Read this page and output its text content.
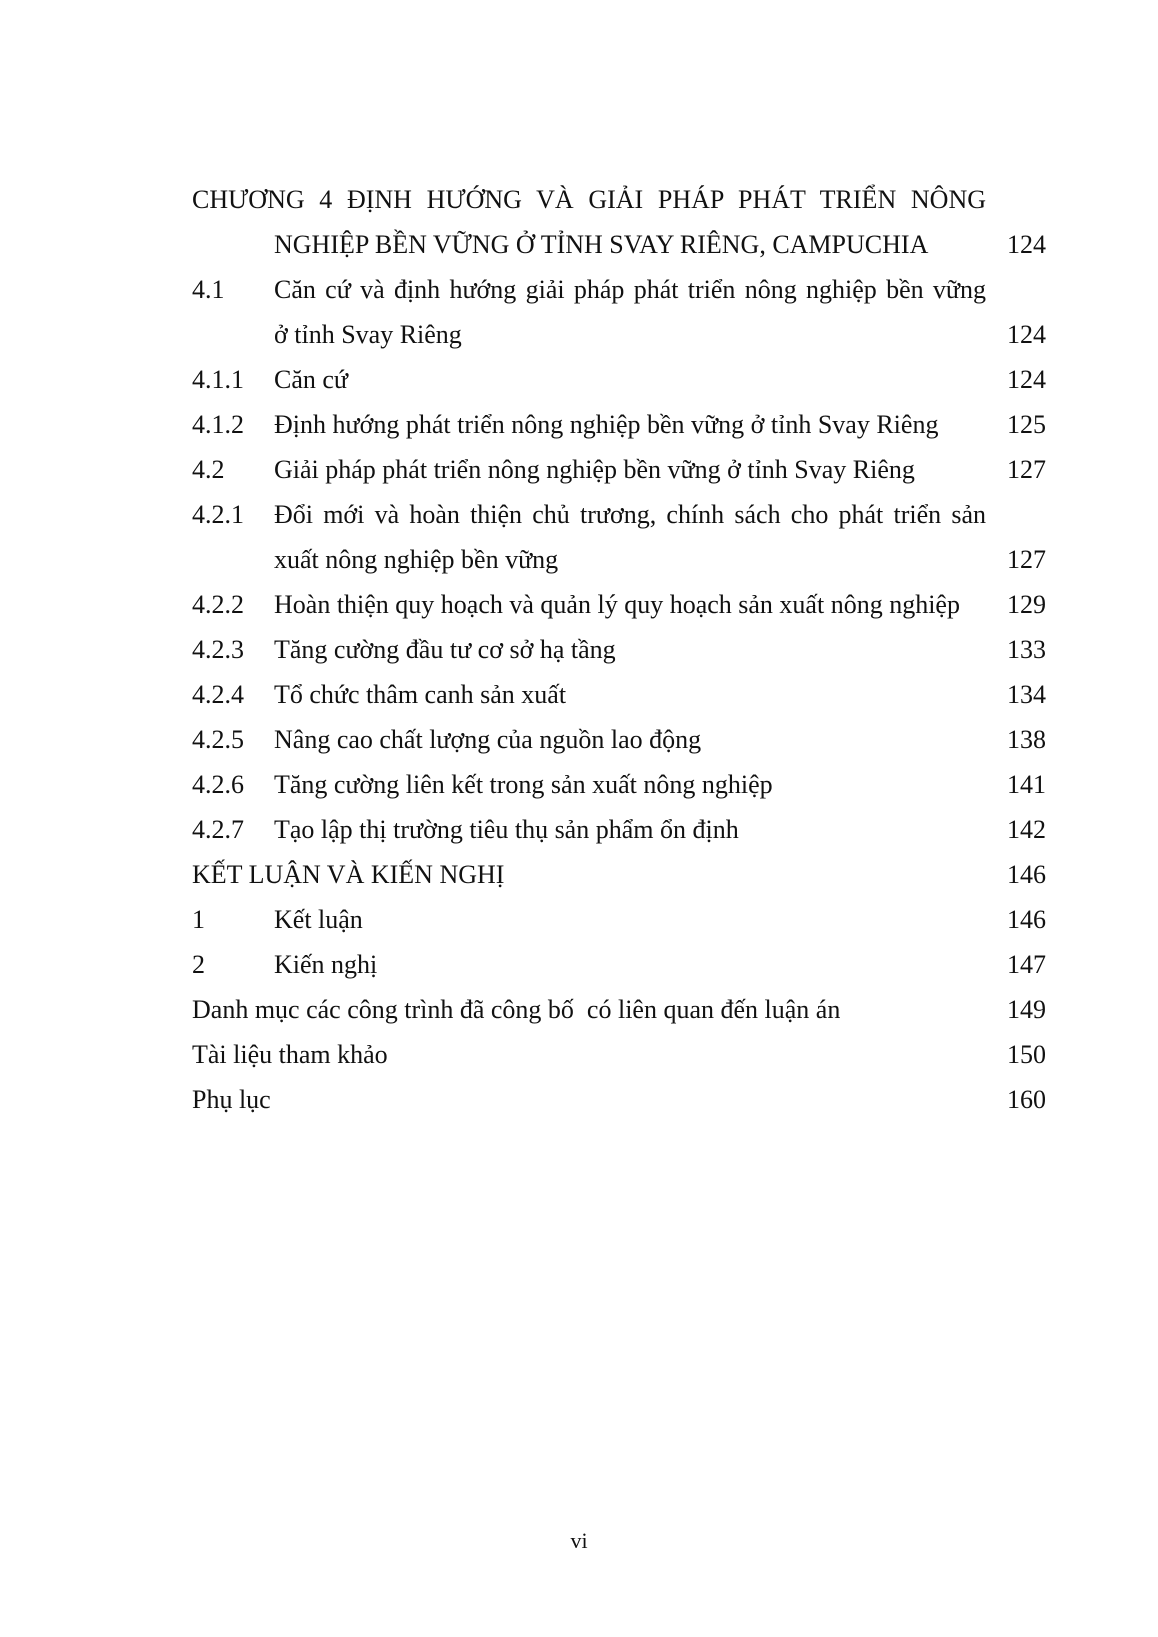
CHƯƠNG 4 ĐỊNH HƯỚNG VÀ GIẢI PHÁP PHÁT TRIỂN NÔNG
NGHIỆP BỀN VỮNG Ở TỈNH SVAY RIÊNG, CAMPUCHIA	124
4.1 Căn cứ và định hướng giải pháp phát triển nông nghiệp bền vững
ở tỉnh Svay Riêng	124
4.1.1 Căn cứ	124
4.1.2 Định hướng phát triển nông nghiệp bền vững ở tỉnh Svay Riêng	125
4.2 Giải pháp phát triển nông nghiệp bền vững ở tỉnh Svay Riêng	127
4.2.1 Đổi mới và hoàn thiện chủ trương, chính sách cho phát triển sản
xuất nông nghiệp bền vững	127
4.2.2 Hoàn thiện quy hoạch và quản lý quy hoạch sản xuất nông nghiệp 129
4.2.3 Tăng cường đầu tư cơ sở hạ tầng	133
4.2.4 Tổ chức thâm canh sản xuất	134
4.2.5 Nâng cao chất lượng của nguồn lao động	138
4.2.6 Tăng cường liên kết trong sản xuất nông nghiệp	141
4.2.7 Tạo lập thị trường tiêu thụ sản phẩm ổn định	142
KẾT LUẬN VÀ KIẾN NGHỊ	146
1	Kết luận	146
2	Kiến nghị	147
Danh mục các công trình đã công bố  có liên quan đến luận án	149
Tài liệu tham khảo	150
Phụ lục	160
vi
